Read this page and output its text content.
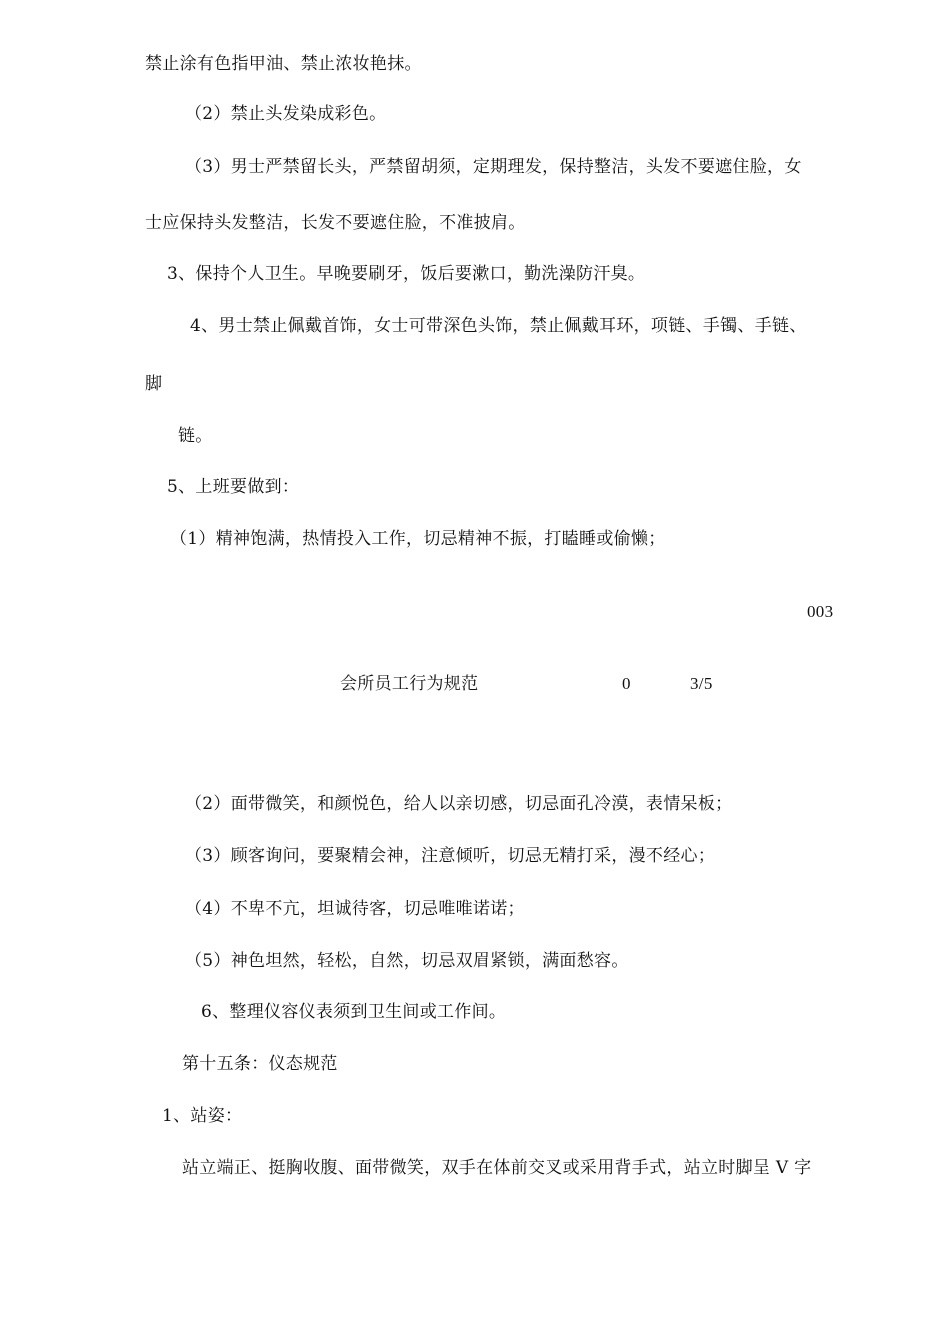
禁止涂有色指甲油、禁止浓妆艳抹。
（2）禁止头发染成彩色。
（3）男士严禁留长头，严禁留胡须，定期理发，保持整洁，头发不要遮住脸，女
士应保持头发整洁，长发不要遮住脸，不准披肩。
3、保持个人卫生。早晚要刷牙，饭后要漱口，勤洗澡防汗臭。
4、男士禁止佩戴首饰，女士可带深色头饰，禁止佩戴耳环，项链、手镯、手链、
脚
链。
5、上班要做到：
（1）精神饱满，热情投入工作，切忌精神不振，打瞌睡或偷懒；
003
会所员工行为规范	0	3/5
（2）面带微笑，和颜悦色，给人以亲切感，切忌面孔冷漠，表情呆板；
（3）顾客询问，要聚精会神，注意倾听，切忌无精打采，漫不经心；
（4）不卑不亢，坦诚待客，切忌唯唯诺诺；
（5）神色坦然，轻松，自然，切忌双眉紧锁，满面愁容。
6、整理仪容仪表须到卫生间或工作间。
第十五条：仪态规范
1、站姿：
站立端正、挺胸收腹、面带微笑，双手在体前交叉或采用背手式，站立时脚呈 V 字
